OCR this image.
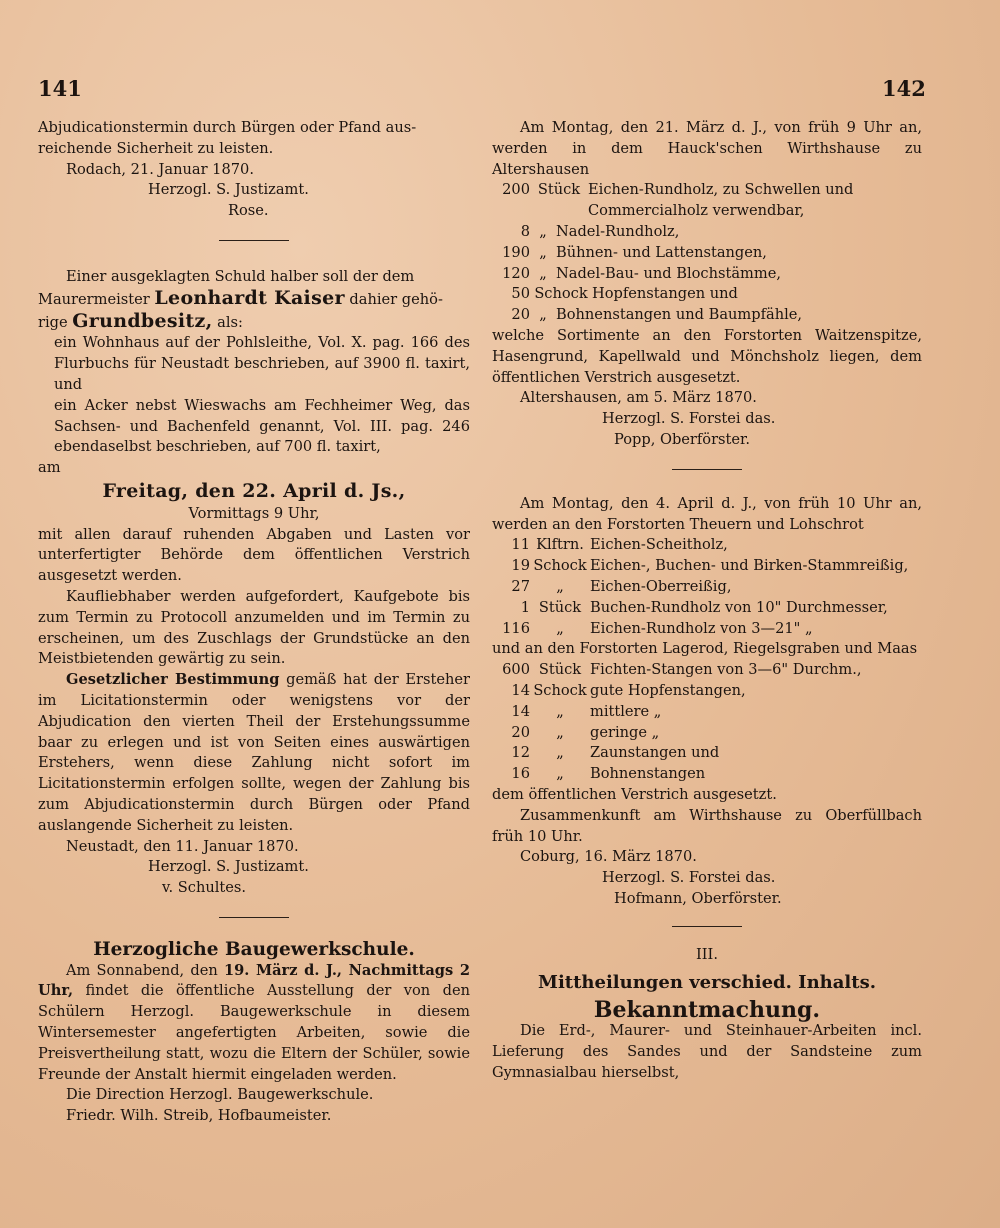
141	142

Abjudicationstermin durch Bürgen oder Pfand aus-

reichende Sicherheit zu leisten.

Rodach, 21. Januar 1870.

Herzogl. S. Justizamt.

Rose.

Einer ausgeklagten Schuld halber soll der dem

Maurermeister Leonhardt Kaiser dahier gehö-

rige Grundbesitz, als:

ein Wohnhaus auf der Pohlsleithe, Vol. X. pag. 166 des Flurbuchs für Neustadt beschrieben, auf 3900 fl. taxirt, und

ein Acker nebst Wieswachs am Fechheimer Weg, das Sachsen- und Bachenfeld genannt, Vol. III. pag. 246 ebendaselbst beschrieben, auf 700 fl. taxirt,

am

Freitag, den 22. April d. Js.,

Vormittags 9 Uhr,

mit allen darauf ruhenden Abgaben und Lasten vor unterfertigter Behörde dem öffentlichen Verstrich ausgesetzt werden.

Kaufliebhaber werden aufgefordert, Kaufgebote bis zum Termin zu Protocoll anzumelden und im Termin zu erscheinen, um des Zuschlags der Grundstücke an den Meistbietenden gewärtig zu sein.

Gesetzlicher Bestimmung gemäß hat der Ersteher im Licitationstermin oder wenigstens vor der Abjudication den vierten Theil der Erstehungssumme baar zu erlegen und ist von Seiten eines auswärtigen Erstehers, wenn diese Zahlung nicht sofort im Licitationstermin erfolgen sollte, wegen der Zahlung bis zum Abjudicationstermin durch Bürgen oder Pfand auslangende Sicherheit zu leisten.

Neustadt, den 11. Januar 1870.

Herzogl. S. Justizamt.

v. Schultes.

Herzogliche Baugewerkschule.

Am Sonnabend, den 19. März d. J., Nachmittags 2 Uhr, findet die öffentliche Ausstellung der von den Schülern Herzogl. Baugewerkschule in diesem Wintersemester angefertigten Arbeiten, sowie die Preisvertheilung statt, wozu die Eltern der Schüler, sowie Freunde der Anstalt hiermit eingeladen werden.

Die Direction Herzogl. Baugewerkschule.

Friedr. Wilh. Streib, Hofbaumeister.

Am Montag, den 21. März d. J., von früh 9 Uhr an, werden in dem Hauck'schen Wirthshause zu Altershausen

200 Stück Eichen-Rundholz, zu Schwellen und Commercialholz verwendbar,
8 „ Nadel-Rundholz,
190 „ Bühnen- und Lattenstangen,
120 „ Nadel-Bau- und Blochstämme,
50 Schock Hopfenstangen und
20 „ Bohnenstangen und Baumpfähle,

welche Sortimente an den Forstorten Waitzenspitze, Hasengrund, Kapellwald und Mönchsholz liegen, dem öffentlichen Verstrich ausgesetzt.

Altershausen, am 5. März 1870.

Herzogl. S. Forstei das.

Popp, Oberförster.

Am Montag, den 4. April d. J., von früh 10 Uhr an, werden an den Forstorten Theuern und Lohschrot

11 Klftrn. Eichen-Scheitholz,
19 Schock Eichen-, Buchen- und Birken-Stammreißig,
27	„	Eichen-Oberreißig,
1 Stück Buchen-Rundholz von 10" Durchmesser,
116	„	Eichen-Rundholz von 3—21" „

und an den Forstorten Lagerod, Riegelsgraben und Maas

600 Stück Fichten-Stangen von 3—6" Durchm.,
14 Schock gute Hopfenstangen,
14	„	mittlere „
20	„	geringe „
12	„	Zaunstangen und
16	„	Bohnenstangen

dem öffentlichen Verstrich ausgesetzt.

Zusammenkunft am Wirthshause zu Oberfüllbach früh 10 Uhr.

Coburg, 16. März 1870.

Herzogl. S. Forstei das.

Hofmann, Oberförster.

III.

Mittheilungen verschied. Inhalts.

Bekanntmachung.

Die Erd-, Maurer- und Steinhauer-Arbeiten incl. Lieferung des Sandes und der Sandsteine zum Gymnasialbau hierselbst,
